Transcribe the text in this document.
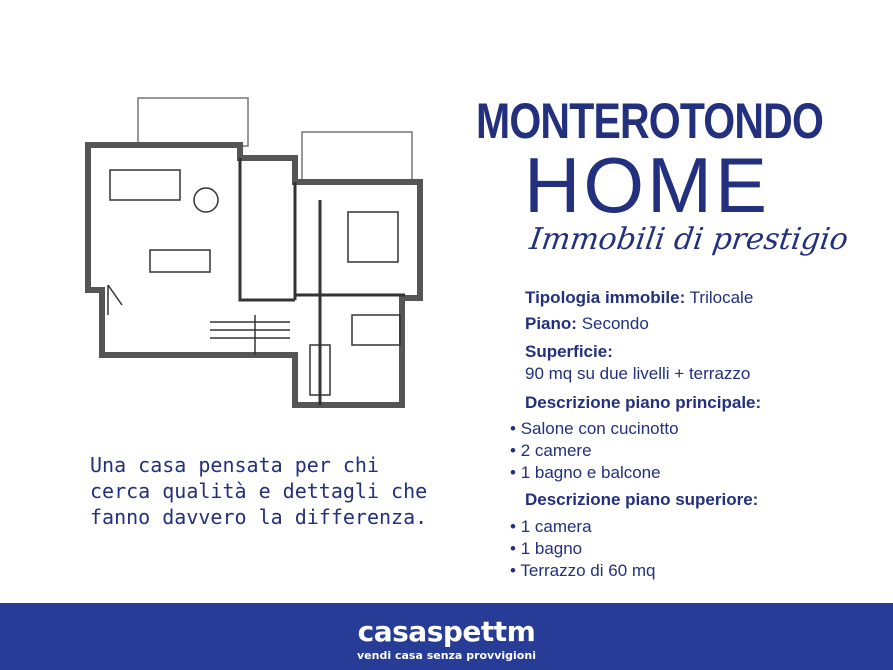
MONTEROTONDO
HOME
Immobili di prestigio
Tipologia immobile: Trilocale
Piano: Secondo
Superficie:
90 mq su due livelli + terrazzo
Descrizione piano principale:
• Salone con cucinotto
• 2 camere
• 1 bagno e balcone
Descrizione piano superiore:
• 1 camera
• 1 bagno
• Terrazzo di 60 mq
Una casa pensata per chi cerca qualità e dettagli che fanno davvero la differenza.
casaspettm
vendi casa senza provvigioni
